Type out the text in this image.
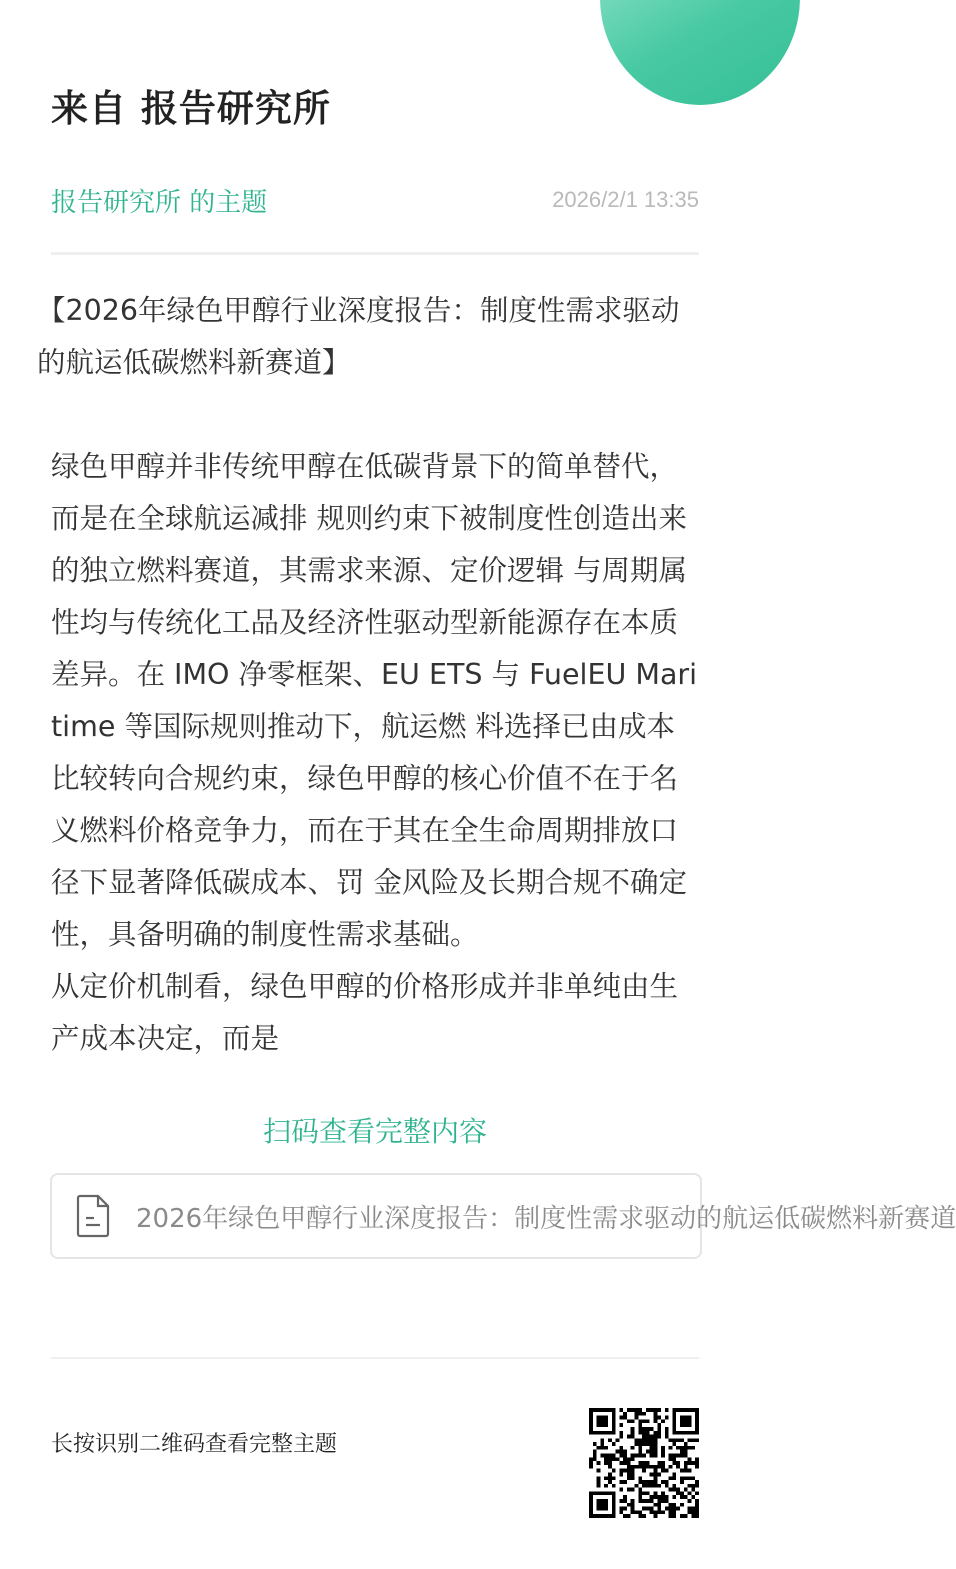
来自 报告研究所
报告研究所 的主题	2026/2/1 13:35

【2026年绿色甲醇行业深度报告：制度性需求驱动的航运低碳燃料新赛道】

绿色甲醇并非传统甲醇在低碳背景下的简单替代，而是在全球航运减排 规则约束下被制度性创造出来的独立燃料赛道，其需求来源、定价逻辑 与周期属性均与传统化工品及经济性驱动型新能源存在本质差异。在 IMO 净零框架、EU ETS 与 FuelEU Maritime 等国际规则推动下，航运燃 料选择已由成本比较转向合规约束，绿色甲醇的核心价值不在于名义燃料价格竞争力，而在于其在全生命周期排放口径下显著降低碳成本、罚 金风险及长期合规不确定性，具备明确的制度性需求基础。

从定价机制看，绿色甲醇的价格形成并非单纯由生产成本决定，而是

扫码查看完整内容
2026年绿色甲醇行业深度报告：制度性需求驱动的航运低碳燃料新赛道
长按识别二维码查看完整主题
